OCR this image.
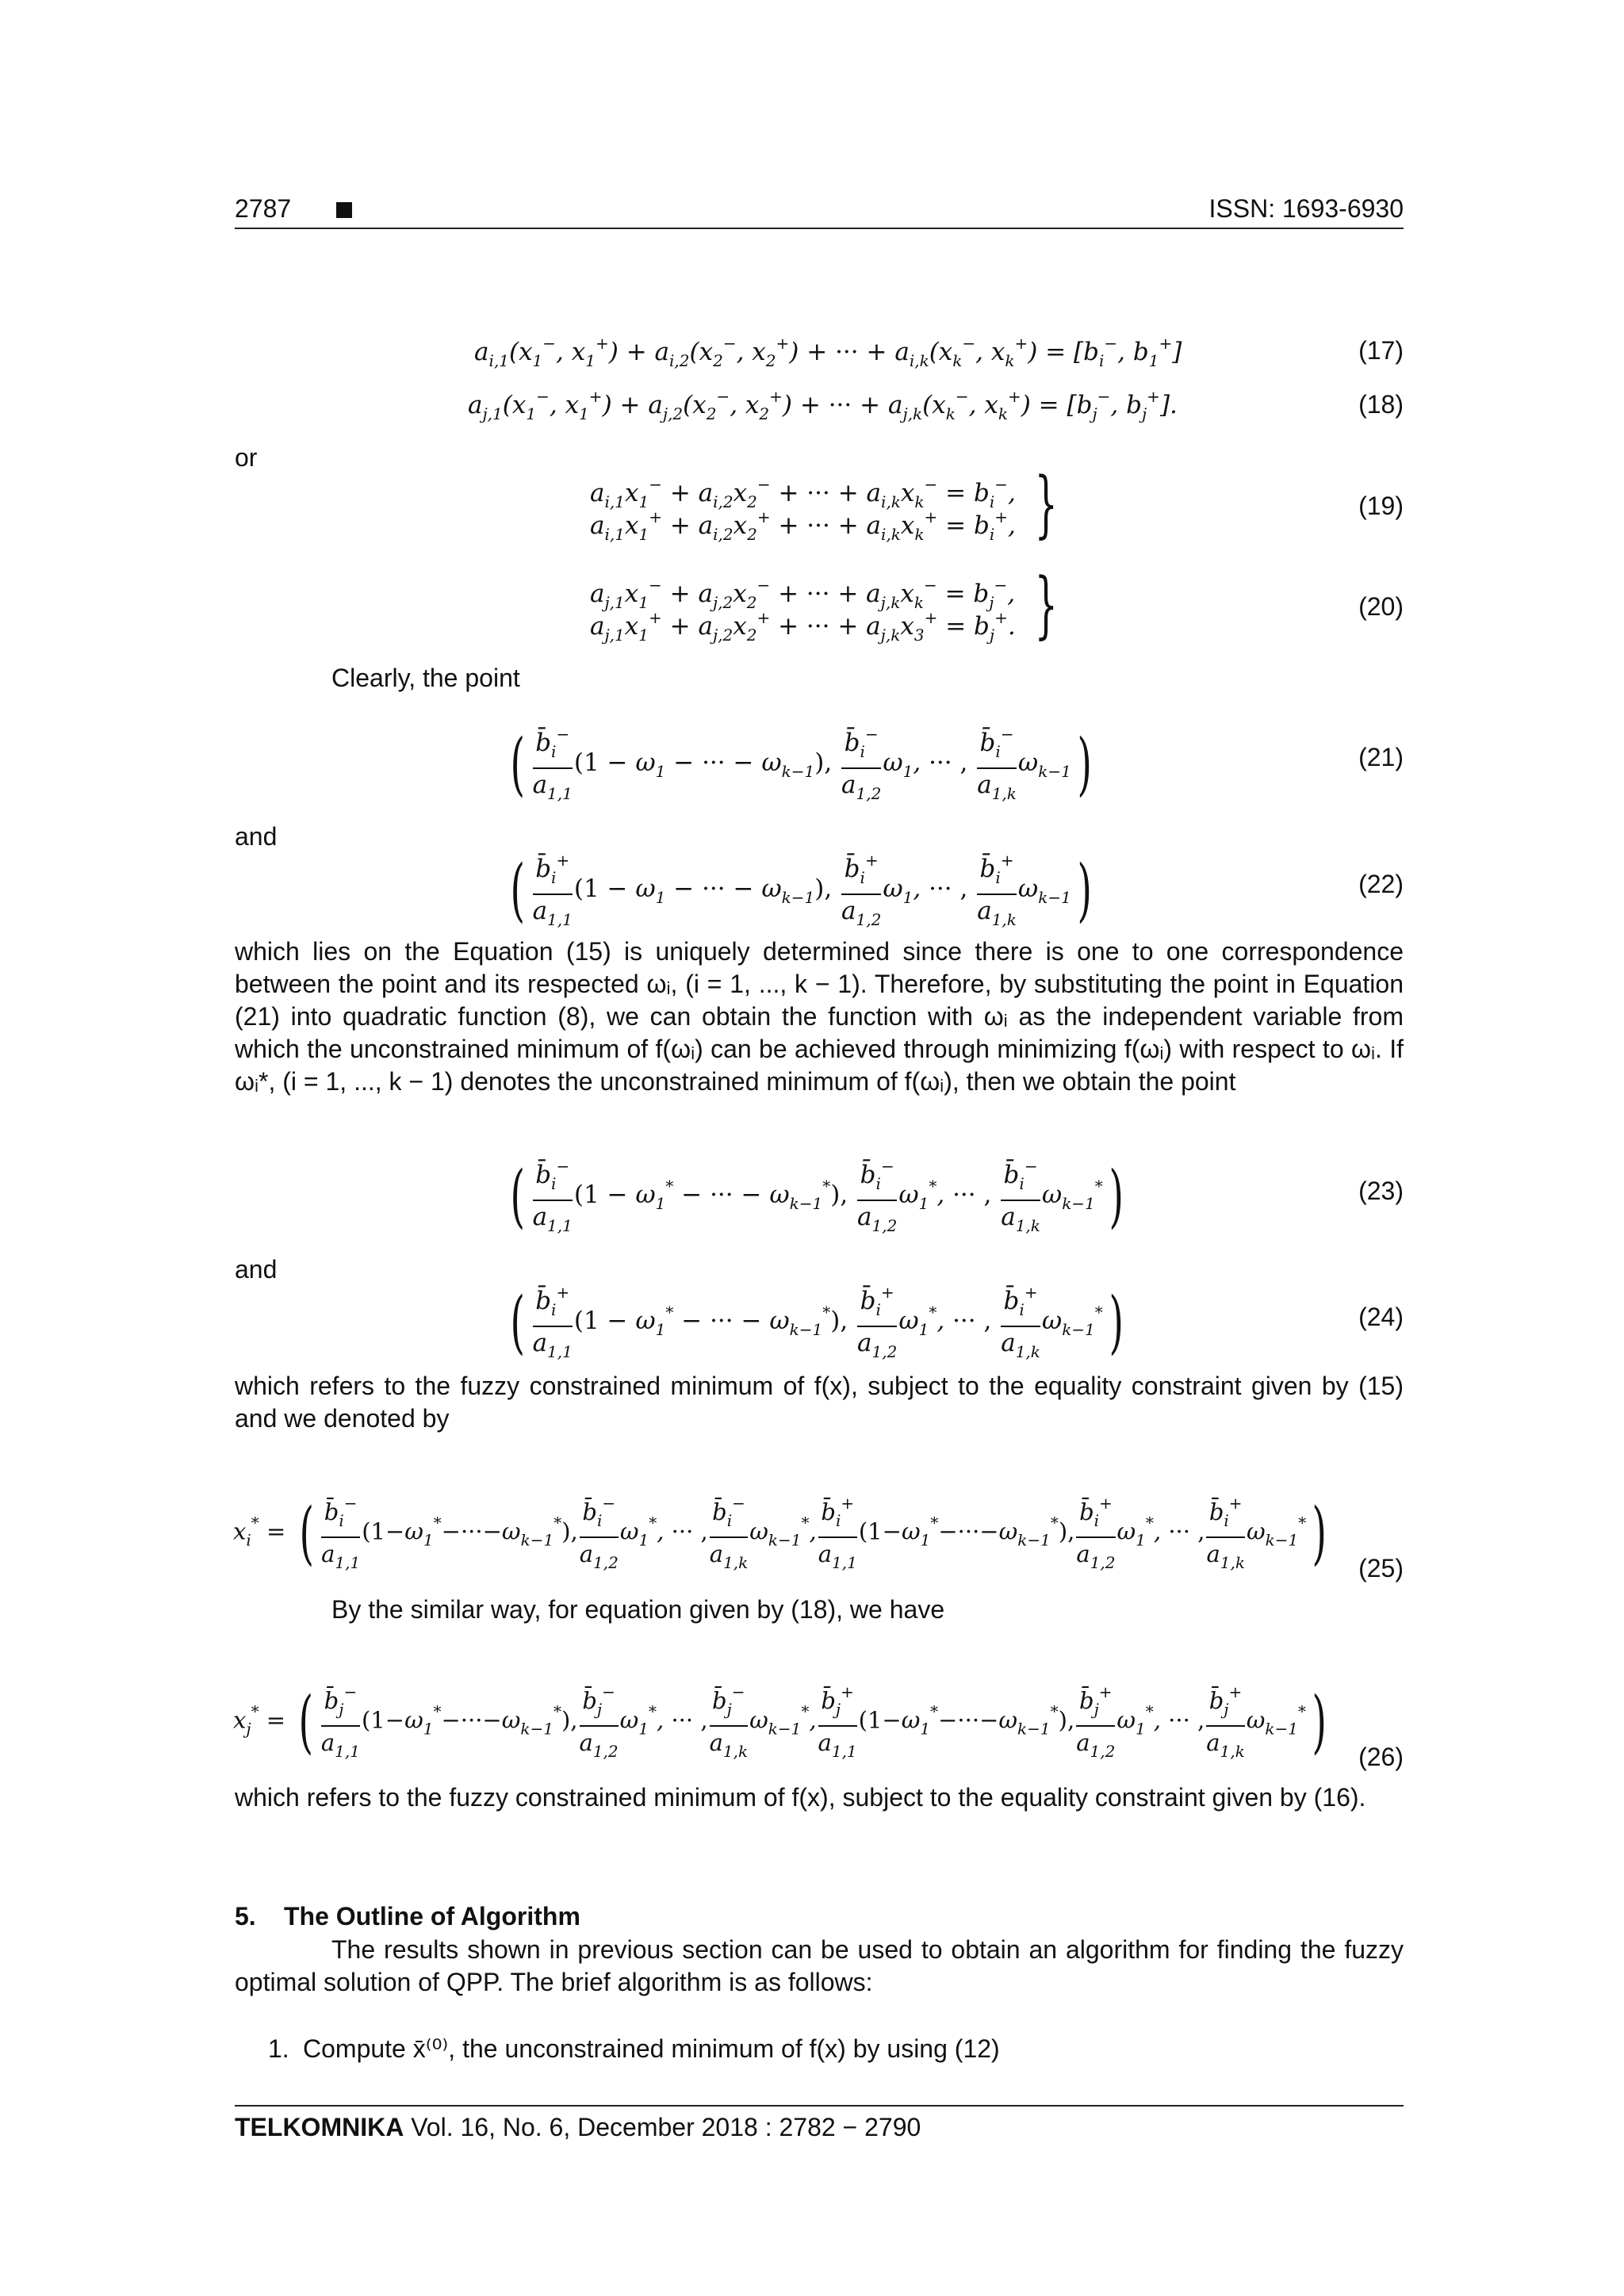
2787	ISSN: 1693-6930
$a_{i,1}(x_1^-$, $x_1^+) + a_{i,2}(x_2^-$, $x_2^+$) + ··· + $a_{i,k}(x_k^-$, $x_k^+) = [b_i^-$, $b_1^+$]	(17)
$a_{j,1}(x_1^-$, $x_1^+) + a_{j,2}(x_2^-$, $x_2^+$) + ··· + $a_{j,k}(x_k^-$, $x_k^+) = [b_j^-$, $b_j^+$].	(18)
or
$a_{i,1}x_1^- + a_{i,2}x_2^-$ + ··· + $a_{i,k}x_k^- = b_i^-$,
$a_{i,1}x_1^+ + a_{i,2}x_2^+$ + ··· + $a_{i,k}x_k^+ = b_i^+$, }	(19)
$a_{j,1}x_1^- + a_{j,2}x_2^-$ + ··· + $a_{j,k}x_k^- = b_j^-$,
$a_{j,1}x_1^+ + a_{j,2}x_2^+$ + ··· + $a_{j,k}x_3^+ = b_j^+$. }	(20)
Clearly, the point
( $\frac{b̄_i^-}{a_{1,1}} (1 - \omega_1$ − ··· − $\omega_{k-1}$), $\frac{b̄_i^-}{a_{1,2}} \omega_1$, ··· , $\frac{b̄_i^-}{a_{1,k}} \omega_{k-1}$)	(21)
and
( $\frac{b̄_i^+}{a_{1,1}} (1 - \omega_1$ − ··· − $\omega_{k-1}$), $\frac{b̄_i^+}{a_{1,2}} \omega_1$, ··· , $\frac{b̄_i^+}{a_{1,k}} \omega_{k-1}$)	(22)
which lies on the Equation (15) is uniquely determined since there is one to one correspondence between the point and its respected ωᵢ, (i = 1, ..., k − 1). Therefore, by substituting the point in Equation (21) into quadratic function (8), we can obtain the function with ωᵢ as the independent variable from which the unconstrained minimum of f(ωᵢ) can be achieved through minimizing f(ωᵢ) with respect to ωᵢ. If ωᵢ*, (i = 1, ..., k − 1) denotes the unconstrained minimum of f(ωᵢ), then we obtain the point
( $\frac{b̄_i^-}{a_{1,1}} (1 - \omega_1^*$ − ··· − $\omega_{k-1}^*$), $\frac{b̄_i^-}{a_{1,2}} \omega_1^*$, ··· , $\frac{b̄_i^-}{a_{1,k}} \omega_{k-1}^*$)	(23)
and
( $\frac{b̄_i^+}{a_{1,1}} (1 - \omega_1^*$ − ··· − $\omega_{k-1}^*$), $\frac{b̄_i^+}{a_{1,2}} \omega_1^*$, ··· , $\frac{b̄_i^+}{a_{1,k}} \omega_{k-1}^*$)	(24)
which refers to the fuzzy constrained minimum of f(x), subject to the equality constraint given by (15) and we denoted by
$x_i^*$ = ( $\frac{b̄_i^-}{a_{1,1}} (1-\omega_1^*-\cdot\cdot\cdot-\omega_{k-1}^*)$, $\frac{b̄_i^-}{a_{1,2}} \omega_1^*$, ··· , $\frac{b̄_i^-}{a_{1,k}} \omega_{k-1}^*$, $\frac{b̄_i^+}{a_{1,1}} (1-\omega_1^*-\cdot\cdot\cdot-\omega_{k-1}^*)$, $\frac{b̄_i^+}{a_{1,2}} \omega_1^*$, ··· , $\frac{b̄_i^+}{a_{1,k}} \omega_{k-1}^*$) (25)
By the similar way, for equation given by (18), we have
$x_j^*$ = ( $\frac{b̄_j^-}{a_{1,1}} (1-\omega_1^*-\cdot\cdot\cdot-\omega_{k-1}^*)$, $\frac{b̄_j^-}{a_{1,2}} \omega_1^*$, ··· , $\frac{b̄_j^-}{a_{1,k}} \omega_{k-1}^*$, $\frac{b̄_j^+}{a_{1,1}} (1-\omega_1^*-\cdot\cdot\cdot-\omega_{k-1}^*)$, $\frac{b̄_j^+}{a_{1,2}} \omega_1^*$, ··· , $\frac{b̄_j^+}{a_{1,k}} \omega_{k-1}^*$) (26)
which refers to the fuzzy constrained minimum of f(x), subject to the equality constraint given by (16).
5. The Outline of Algorithm
The results shown in previous section can be used to obtain an algorithm for finding the fuzzy optimal solution of QPP. The brief algorithm is as follows:
1. Compute x̄⁽⁰⁾, the unconstrained minimum of f(x) by using (12)
TELKOMNIKA Vol. 16, No. 6, December 2018 : 2782 − 2790
